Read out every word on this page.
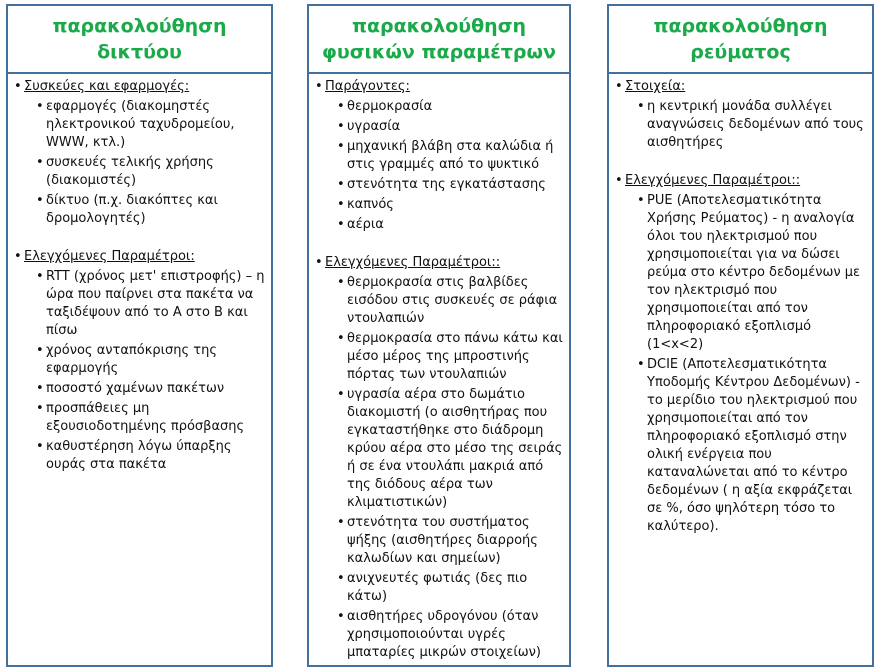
παρακολούθηση δικτύου
• Συσκεύες και εφαρμογές:
• εφαρμογές (διακομηστές ηλεκτρονικού ταχυδρομείου, WWW, κτλ.)
• συσκευές τελικής χρήσης (διακομιστές)
• δίκτυο (π.χ. διακόπτες και δρομολογητές)
• Ελεγχόμενες Παραμέτροι:
• RTT (χρόνος μετ' επιστροφής) – η ώρα που παίρνει στα πακέτα να ταξιδέψουν από το A στο B και πίσω
• χρόνος ανταπόκρισης της εφαρμογής
• ποσοστό χαμένων πακέτων
• προσπάθειες μη εξουσιοδοτημένης πρόσβασης
• καθυστέρηση λόγω ύπαρξης ουράς στα πακέτα
παρακολούθηση φυσικών παραμέτρων
• Παράγοντες:
• θερμοκρασία
• υγρασία
• μηχανική βλάβη στα καλώδια ή στις γραμμές από το ψυκτικό
• στενότητα της εγκατάστασης
• καπνός
• αέρια
• Ελεγχόμενες Παραμέτροι::
• θερμοκρασία στις βαλβίδες εισόδου στις συσκευές σε ράφια ντουλαπιών
• θερμοκρασία στο πάνω κάτω και μέσο μέρος της μπροστινής πόρτας των ντουλαπιών
• υγρασία αέρα στο δωμάτιο διακομιστή (ο αισθητήρας που εγκαταστήθηκε στο διάδρομη κρύου αέρα στο μέσο της σειράς ή σε ένα ντουλάπι μακριά από της διόδους αέρα των κλιματιστικών)
• στενότητα του συστήματος ψήξης (αισθητήρες διαρροής καλωδίων και σημείων)
• ανιχνευτές φωτιάς (δες πιο κάτω)
• αισθητήρες υδρογόνου (όταν χρησιμοποιούνται υγρές μπαταρίες μικρών στοιχείων)
παρακολούθηση ρεύματος
• Στοιχεία:
• η κεντρική μονάδα συλλέγει αναγνώσεις δεδομένων από τους αισθητήρες
• Ελεγχόμενες Παραμέτροι::
• PUE (Αποτελεσματικότητα Χρήσης Ρεύματος) - η αναλογία όλοι του ηλεκτρισμού που χρησιμοποιείται για να δώσει ρεύμα στο κέντρο δεδομένων με τον ηλεκτρισμό που χρησιμοποιείται από τον πληροφοριακό εξοπλισμό (1<x<2)
• DCIE (Αποτελεσματικότητα Υποδομής Κέντρου Δεδομένων) - το μερίδιο του ηλεκτρισμού που χρησιμοποιείται από τον πληροφοριακό εξοπλισμό στην ολική ενέργεια που καταναλώνεται από το κέντρο δεδομένων ( η αξία εκφράζεται σε %, όσο ψηλότερη τόσο το καλύτερο).
